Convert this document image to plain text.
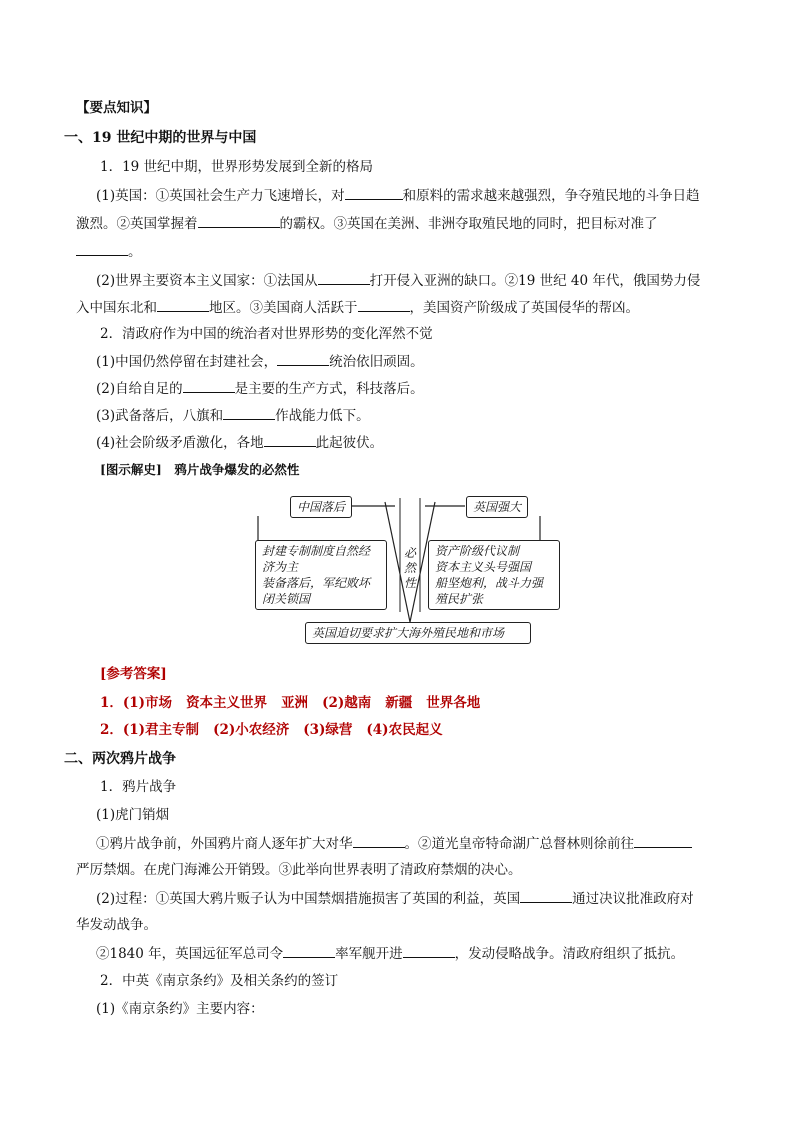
【要点知识】
一、19 世纪中期的世界与中国
1．19 世纪中期，世界形势发展到全新的格局
(1)英国：①英国社会生产力飞速增长，对	和原料的需求越来越强烈，争夺殖民地的斗争日趋
激烈。②英国掌握着	的霸权。③英国在美洲、非洲夺取殖民地的同时，把目标对准了
。
(2)世界主要资本主义国家：①法国从	打开侵入亚洲的缺口。②19 世纪 40 年代，俄国势力侵
入中国东北和	地区。③美国商人活跃于	，美国资产阶级成了英国侵华的帮凶。
2．清政府作为中国的统治者对世界形势的变化浑然不觉
(1)中国仍然停留在封建社会，	统治依旧顽固。
(2)自给自足的	是主要的生产方式，科技落后。
(3)武备落后，八旗和	作战能力低下。
(4)社会阶级矛盾激化，各地	此起彼伏。
[图示解史]　鸦片战争爆发的必然性
中国落后	英国强大
封建专制制度自然经
济为主
装备落后，军纪败坏
闭关锁国
资产阶级代议制
资本主义头号强国
船坚炮利，战斗力强
殖民扩张
必
然
性
英国迫切要求扩大海外殖民地和市场
[参考答案]
1．(1)市场 资本主义世界 亚洲 (2)越南 新疆 世界各地
2．(1)君主专制 (2)小农经济 (3)绿营 (4)农民起义
二、两次鸦片战争
1．鸦片战争
(1)虎门销烟
①鸦片战争前，外国鸦片商人逐年扩大对华	。②道光皇帝特命湖广总督林则徐前往
严厉禁烟。在虎门海滩公开销毁。③此举向世界表明了清政府禁烟的决心。
(2)过程：①英国大鸦片贩子认为中国禁烟措施损害了英国的利益，英国	通过决议批准政府对
华发动战争。
②1840 年，英国远征军总司令	率军舰开进	，发动侵略战争。清政府组织了抵抗。
2．中英《南京条约》及相关条约的签订
(1)《南京条约》主要内容：
